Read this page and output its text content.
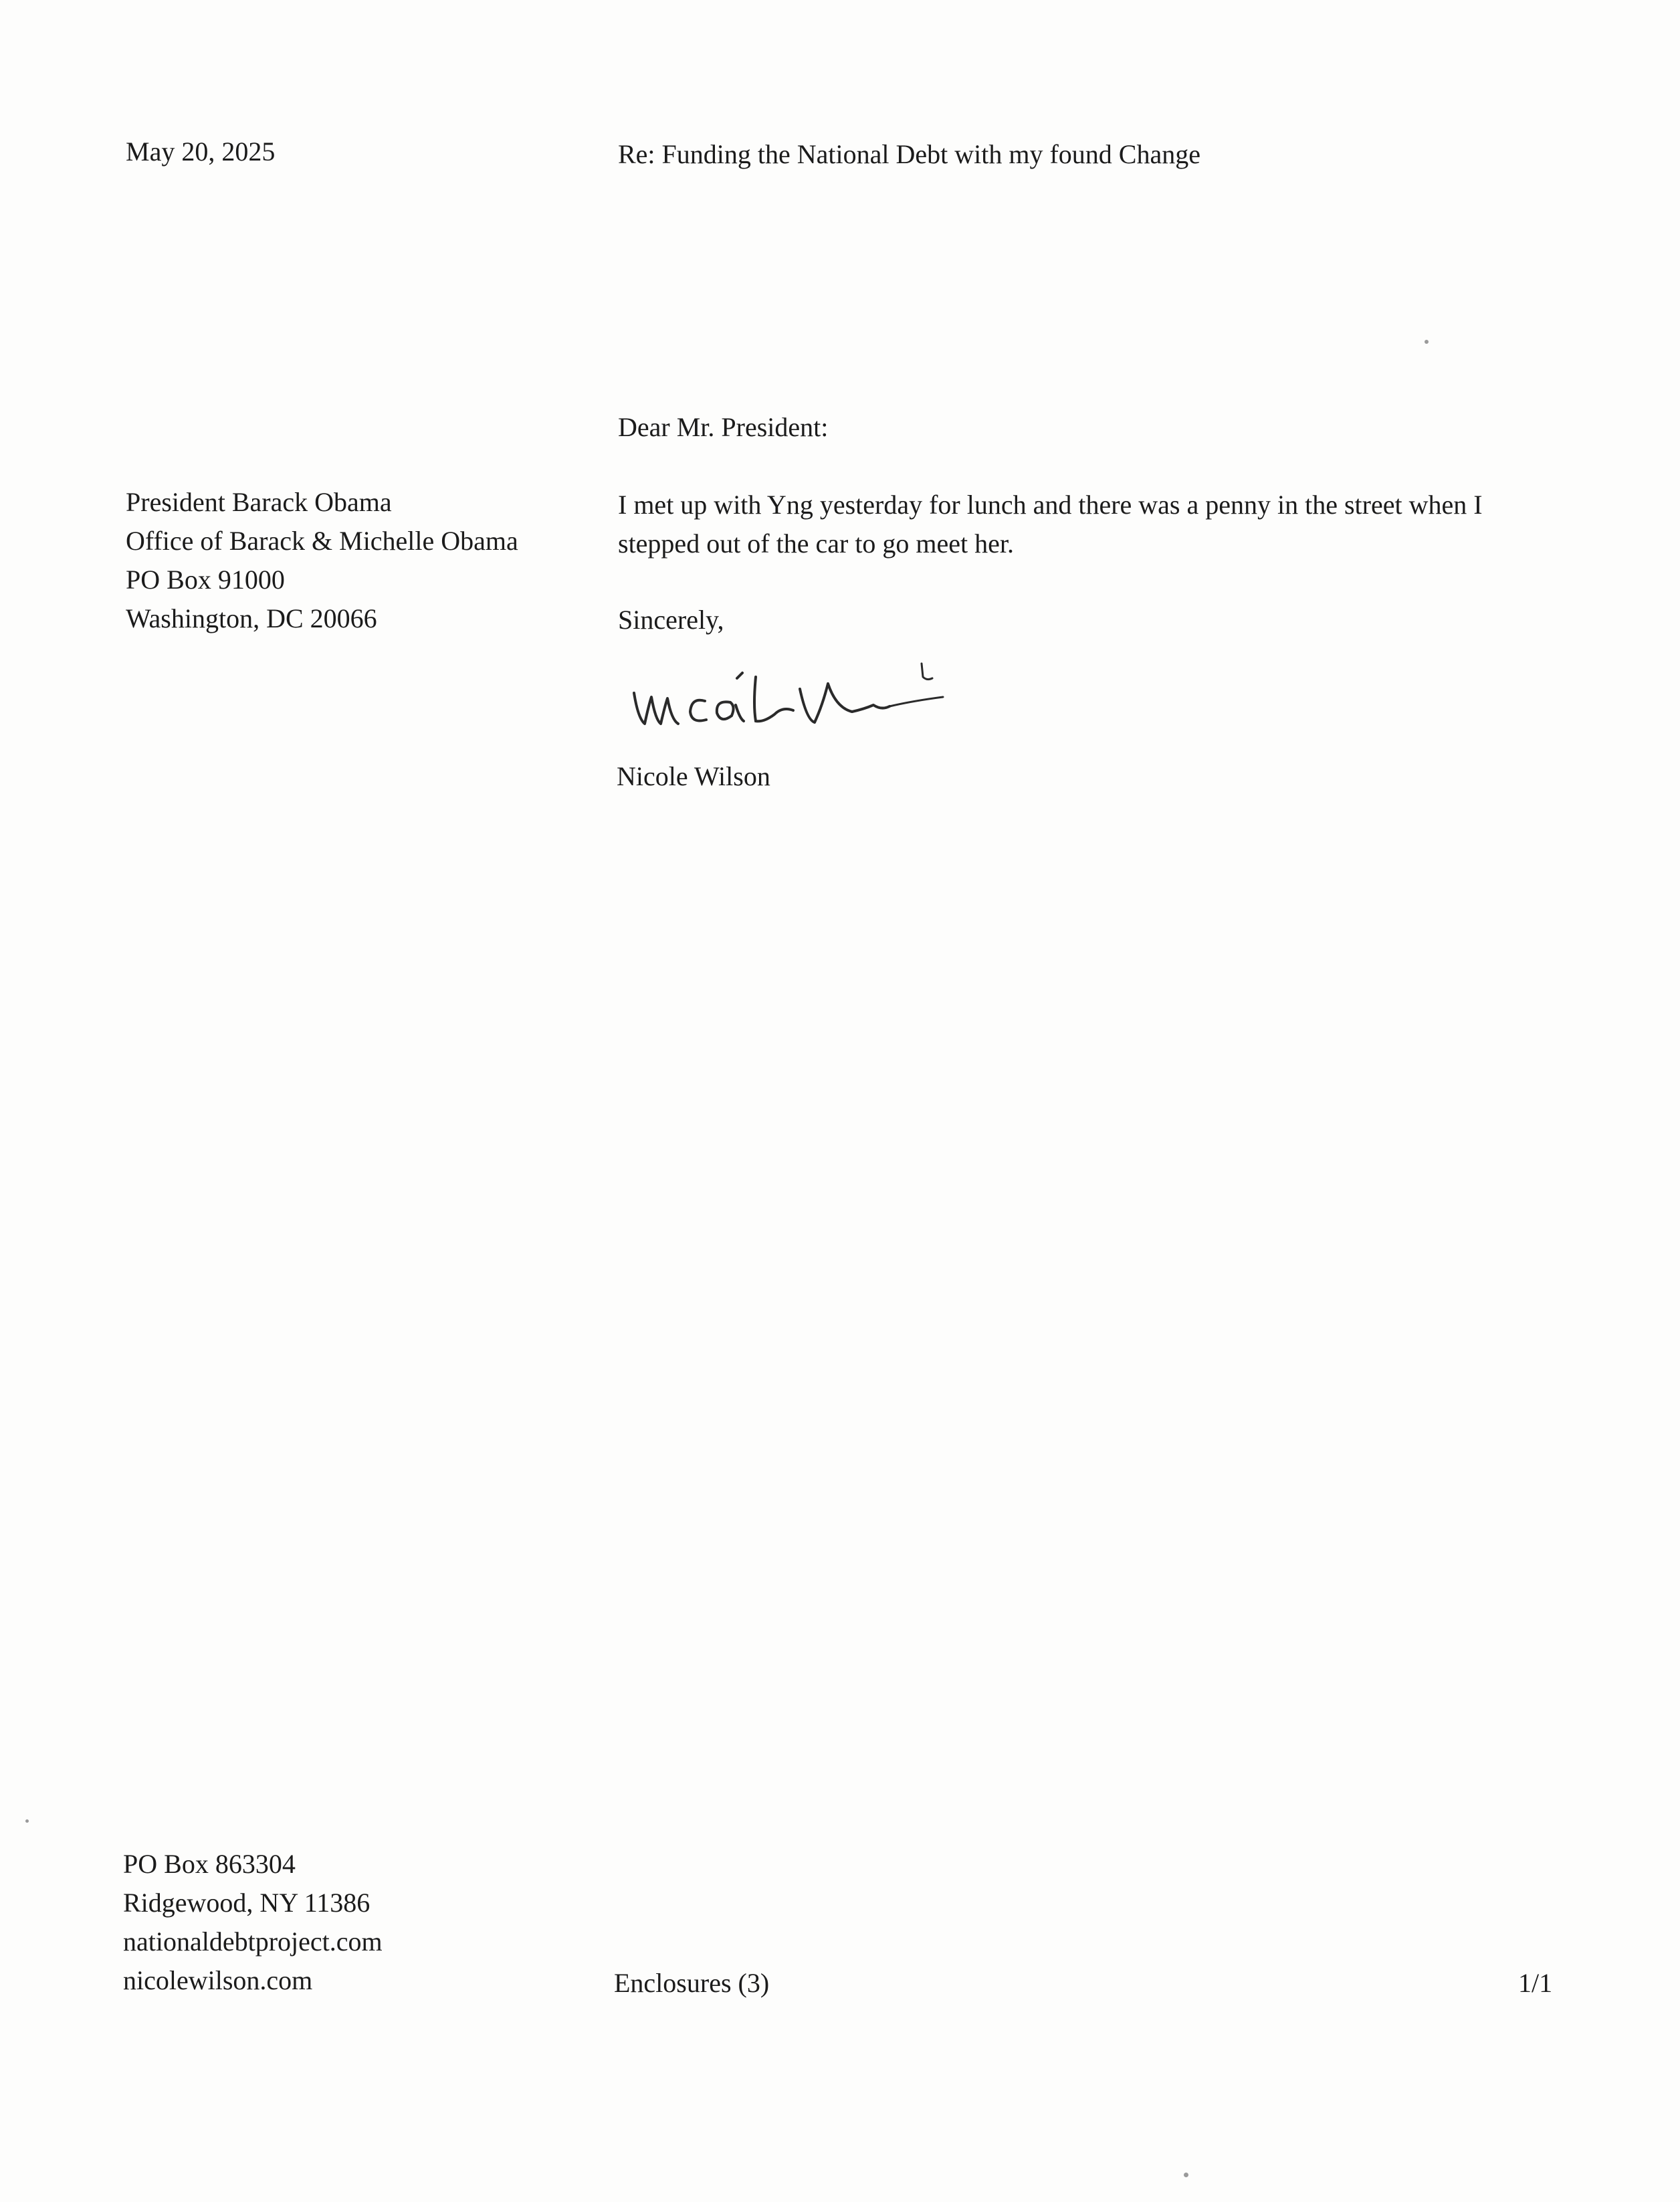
May 20, 2025	Re: Funding the National Debt with my found Change
Dear Mr. President:
President Barack Obama
Office of Barack & Michelle Obama
PO Box 91000
Washington, DC 20066
I met up with Yng yesterday for lunch and there was a penny in the street when I stepped out of the car to go meet her.
Sincerely,
Nicole Wilson
PO Box 863304
Ridgewood, NY 11386
nationaldebtproject.com
nicolewilson.com	Enclosures (3)	1/1
